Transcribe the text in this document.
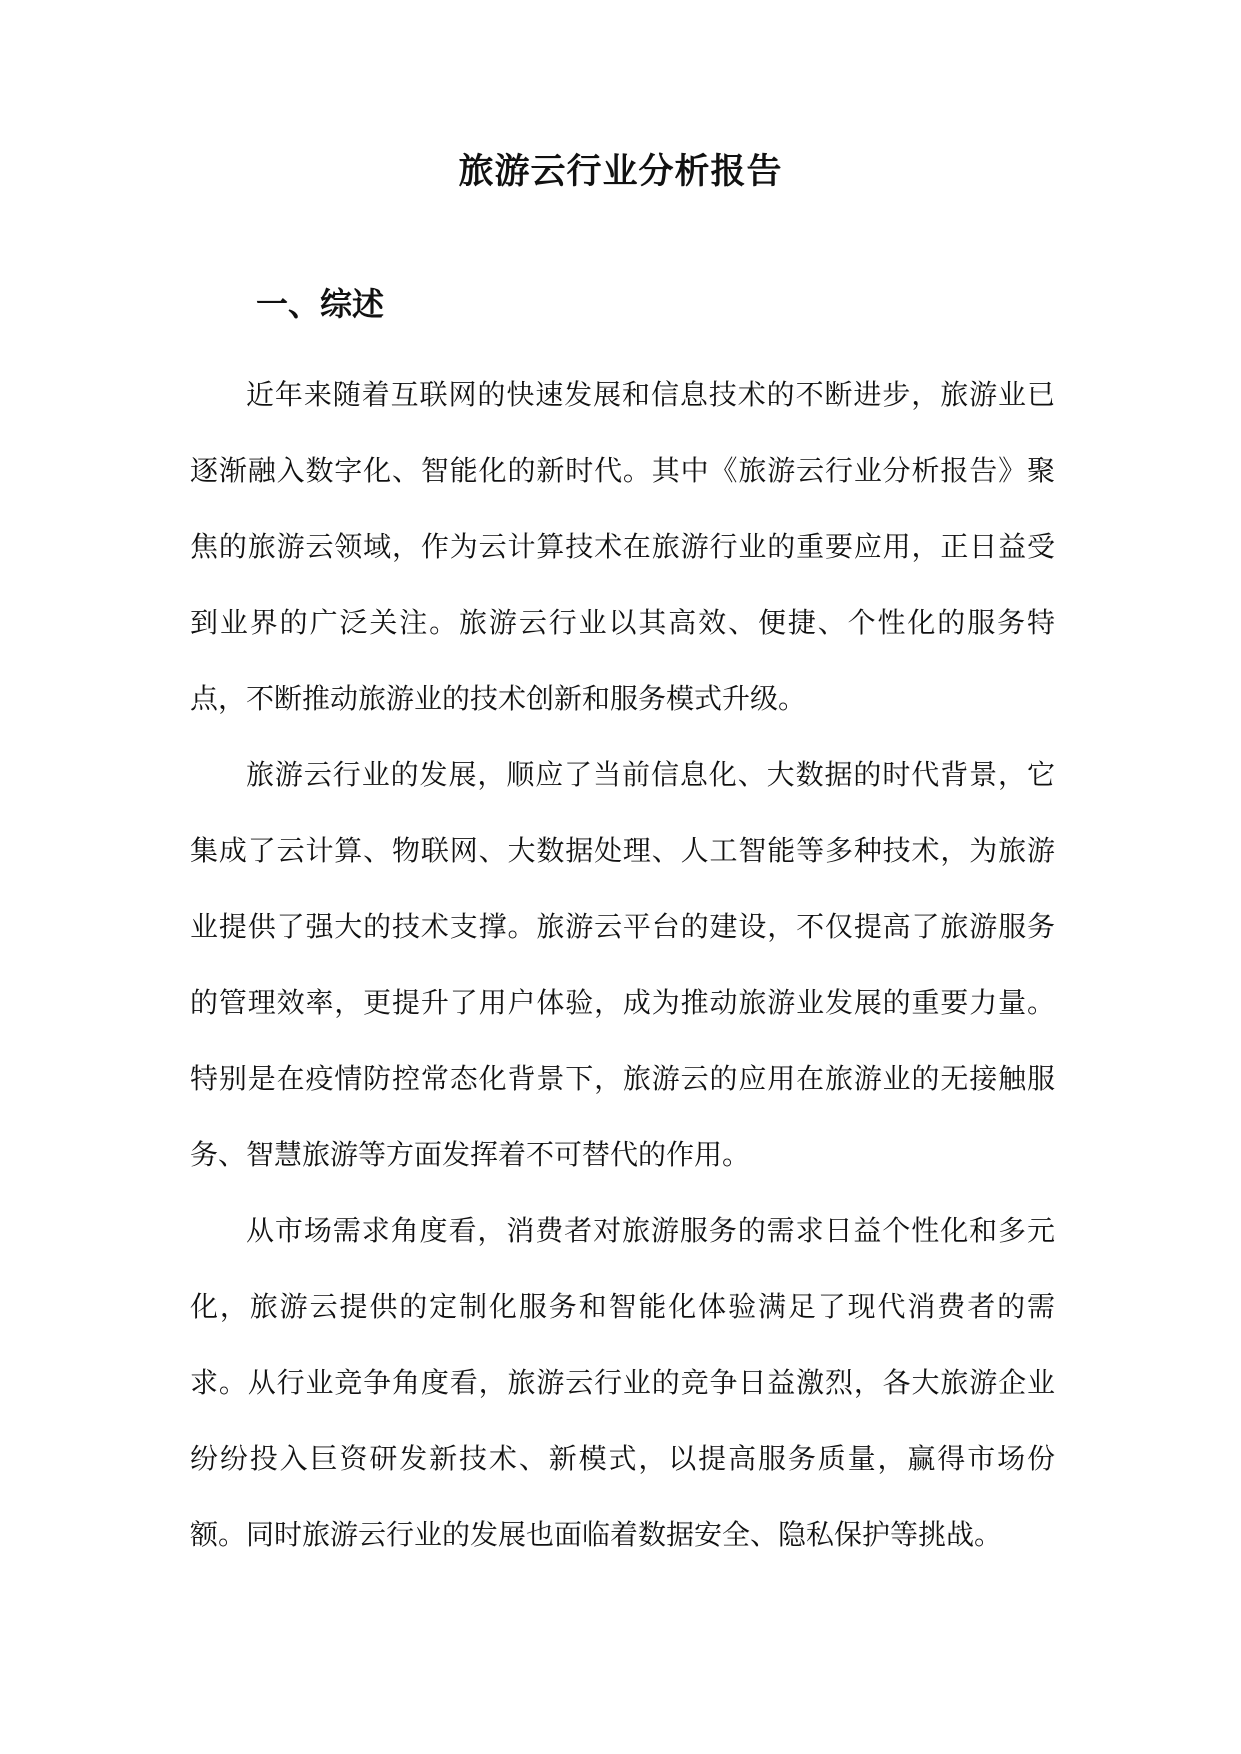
旅游云行业分析报告
一、综述

近年来随着互联网的快速发展和信息技术的不断进步，旅游业已逐渐融入数字化、智能化的新时代。其中《旅游云行业分析报告》聚焦的旅游云领域，作为云计算技术在旅游行业的重要应用，正日益受到业界的广泛关注。旅游云行业以其高效、便捷、个性化的服务特点，不断推动旅游业的技术创新和服务模式升级。

旅游云行业的发展，顺应了当前信息化、大数据的时代背景，它集成了云计算、物联网、大数据处理、人工智能等多种技术，为旅游业提供了强大的技术支撑。旅游云平台的建设，不仅提高了旅游服务的管理效率，更提升了用户体验，成为推动旅游业发展的重要力量。特别是在疫情防控常态化背景下，旅游云的应用在旅游业的无接触服务、智慧旅游等方面发挥着不可替代的作用。

从市场需求角度看，消费者对旅游服务的需求日益个性化和多元化，旅游云提供的定制化服务和智能化体验满足了现代消费者的需求。从行业竞争角度看，旅游云行业的竞争日益激烈，各大旅游企业纷纷投入巨资研发新技术、新模式，以提高服务质量，赢得市场份额。同时旅游云行业的发展也面临着数据安全、隐私保护等挑战。
